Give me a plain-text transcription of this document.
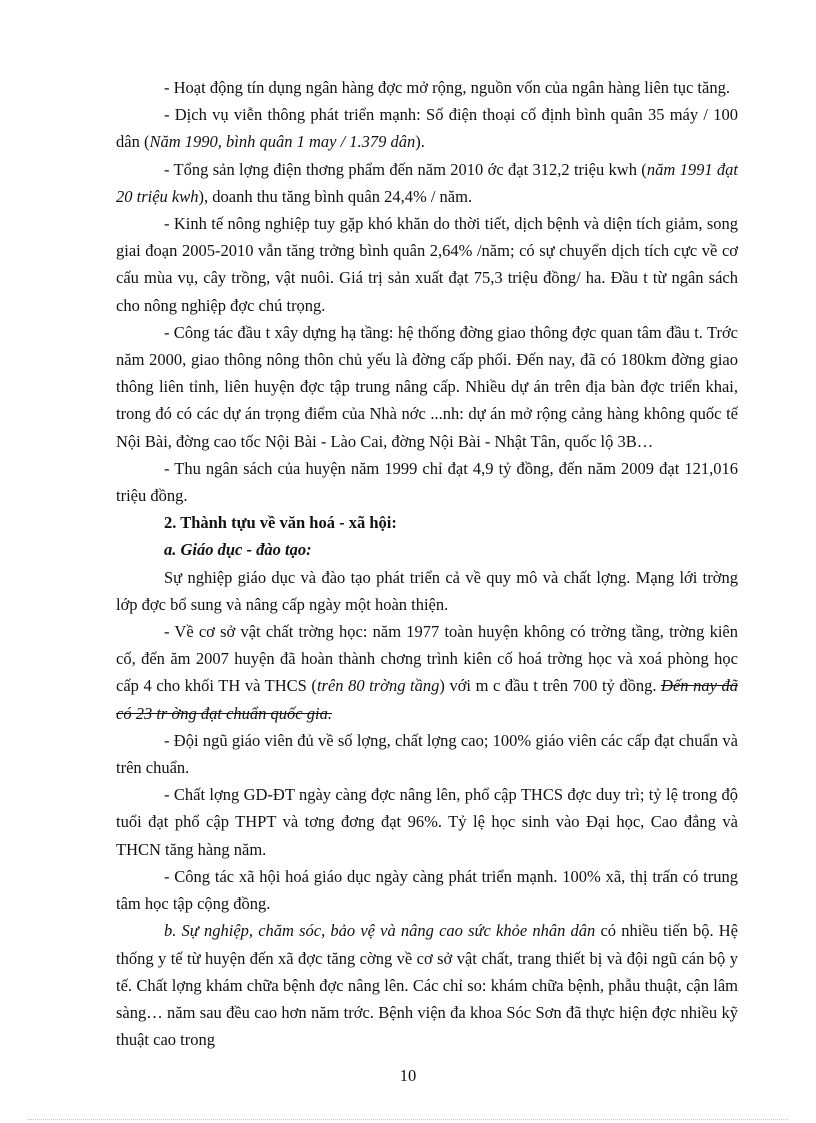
- Hoạt động tín dụng ngân hàng đợc mở rộng, nguồn vốn của ngân hàng liên tục tăng.

- Dịch vụ viễn thông phát triển mạnh: Số điện thoại cố định bình quân 35 máy / 100 dân (Năm 1990, bình quân 1 may / 1.379 dân).

- Tổng sản lợng điện thơng phẩm đến năm 2010 ớc đạt 312,2 triệu kwh (năm 1991 đạt 20 triệu kwh), doanh thu tăng bình quân 24,4% / năm.

- Kinh tế nông nghiệp tuy gặp khó khăn do thời tiết, dịch bệnh và diện tích giảm, song giai đoạn 2005-2010 vẫn tăng trởng bình quân 2,64% /năm; có sự chuyển dịch tích cực về cơ cấu mùa vụ, cây trồng, vật nuôi. Giá trị sản xuất đạt 75,3 triệu đồng/ ha. Đầu t từ ngân sách cho nông nghiệp đợc chú trọng.

- Công tác đầu t xây dựng hạ tầng: hệ thống đờng giao thông đợc quan tâm đầu t. Trớc năm 2000, giao thông nông thôn chủ yếu là đờng cấp phối. Đến nay, đã có 180km đờng giao thông liên tỉnh, liên huyện đợc tập trung nâng cấp. Nhiều dự án trên địa bàn đợc triển khai, trong đó có các dự án trọng điểm của Nhà nớc ...nh: dự án mở rộng cảng hàng không quốc tế Nội Bài, đờng cao tốc Nội Bài - Lào Cai, đờng Nội Bài - Nhật Tân, quốc lộ 3B…

- Thu ngân sách của huyện năm 1999 chỉ đạt 4,9 tỷ đồng, đến năm 2009 đạt 121,016 triệu đồng.

2. Thành tựu về văn hoá - xã hội:

a. Giáo dục - đào tạo:

Sự nghiệp giáo dục và đào tạo phát triển cả về quy mô và chất lợng. Mạng lới trờng lớp đợc bổ sung và nâng cấp ngày một hoàn thiện.

- Về cơ sở vật chất trờng học: năm 1977 toàn huyện không có trờng tầng, trờng kiên cố, đến ăm 2007 huyện đã hoàn thành chơng trình kiên cố hoá trờng học và xoá phòng học cấp 4 cho khối TH và THCS (trên 80 trờng tầng) với m c đầu t trên 700 tỷ đồng. Đến nay đã có 23 tr ờng đạt chuẩn quốc gia.

- Đội ngũ giáo viên đủ về số lợng, chất lợng cao; 100% giáo viên các cấp đạt chuẩn và trên chuẩn.

- Chất lợng GD-ĐT ngày càng đợc nâng lên, phổ cập THCS đợc duy trì; tỷ lệ trong độ tuổi đạt phổ cập THPT và tơng đơng đạt 96%. Tỷ lệ học sinh vào Đại học, Cao đẳng và THCN tăng hàng năm.

- Công tác xã hội hoá giáo dục ngày càng phát triển mạnh. 100% xã, thị trấn có trung tâm học tập cộng đồng.

b. Sự nghiệp, chăm sóc, bảo vệ và nâng cao sức khỏe nhân dân có nhiều tiến bộ. Hệ thống y tế từ huyện đến xã đợc tăng cờng về cơ sở vật chất, trang thiết bị và đội ngũ cán bộ y tế. Chất lợng khám chữa bệnh đợc nâng lên. Các chỉ so: khám chữa bệnh, phẫu thuật, cận lâm sàng… năm sau đều cao hơn năm trớc. Bệnh viện đa khoa Sóc Sơn đã thực hiện đợc nhiều kỹ thuật cao trong

10
